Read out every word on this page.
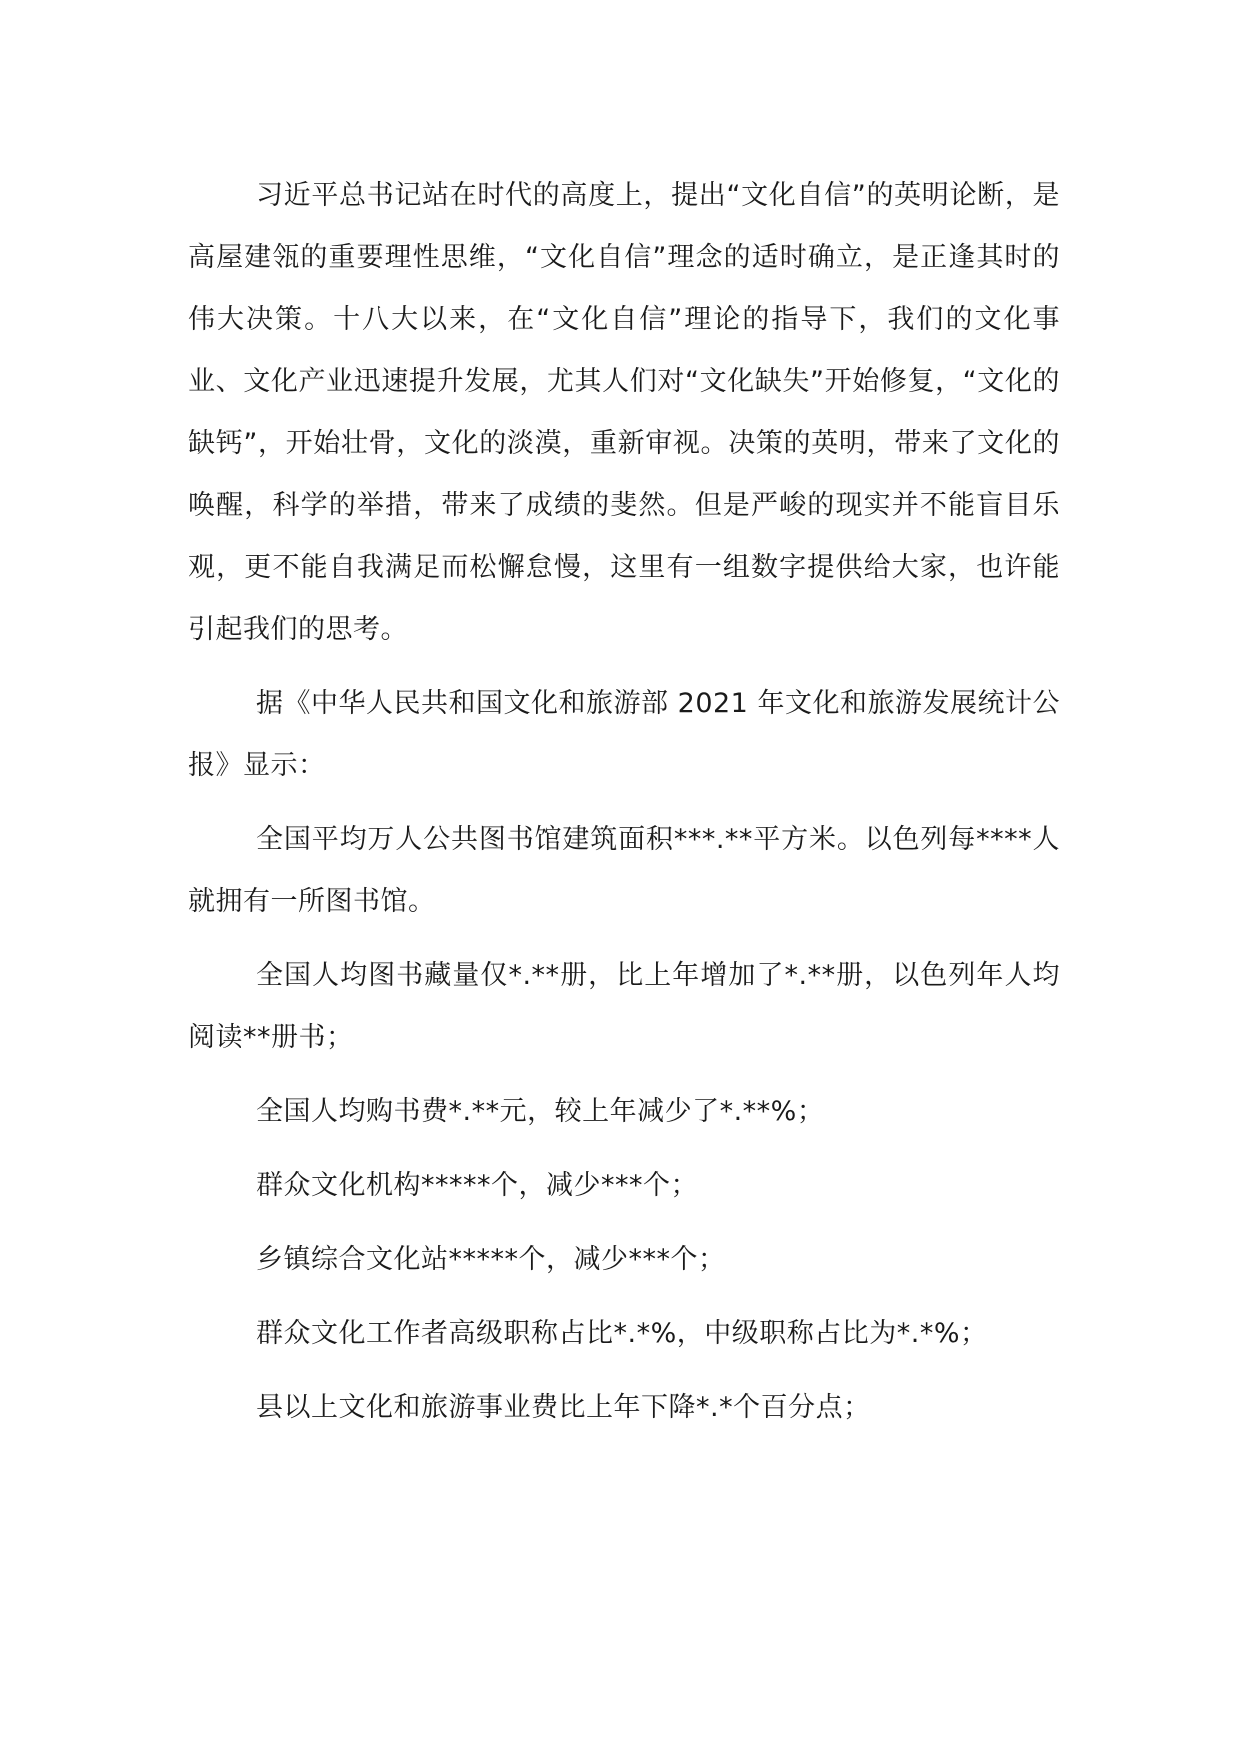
习近平总书记站在时代的高度上，提出“文化自信”的英明论断，是高屋建瓴的重要理性思维，“文化自信”理念的适时确立，是正逢其时的伟大决策。十八大以来，在“文化自信”理论的指导下，我们的文化事业、文化产业迅速提升发展，尤其人们对“文化缺失”开始修复，“文化的缺钙”，开始壮骨，文化的淡漠，重新审视。决策的英明，带来了文化的唤醒，科学的举措，带来了成绩的斐然。但是严峻的现实并不能盲目乐观，更不能自我满足而松懈怠慢，这里有一组数字提供给大家，也许能引起我们的思考。

据《中华人民共和国文化和旅游部 2021 年文化和旅游发展统计公报》显示：

全国平均万人公共图书馆建筑面积***.**平方米。以色列每****人就拥有一所图书馆。

全国人均图书藏量仅*.**册，比上年增加了*.**册，以色列年人均阅读**册书；

全国人均购书费*.**元，较上年减少了*.**%；

群众文化机构*****个，减少***个；

乡镇综合文化站*****个，减少***个；

群众文化工作者高级职称占比*.*%，中级职称占比为*.*%；

县以上文化和旅游事业费比上年下降*.*个百分点；
